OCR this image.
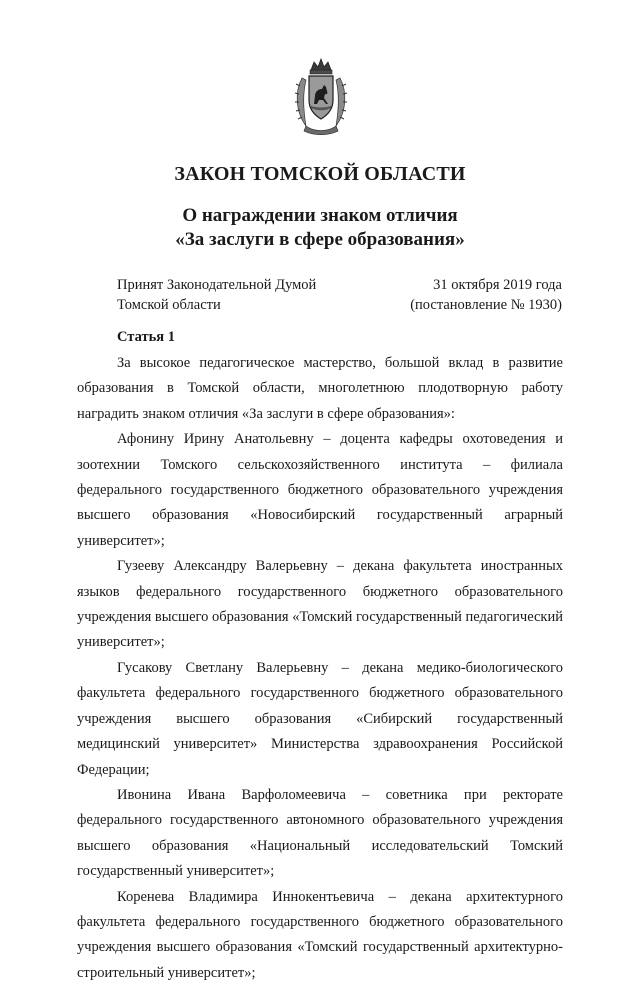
ЗАКОН ТОМСКОЙ ОБЛАСТИ
О награждении знаком отличия
«За заслуги в сфере образования»
Принят Законодательной Думой
Томской области
31 октября 2019 года
(постановление № 1930)
Статья 1

За высокое педагогическое мастерство, большой вклад в развитие образования в Томской области, многолетнюю плодотворную работу наградить знаком отличия «За заслуги в сфере образования»:

Афонину Ирину Анатольевну – доцента кафедры охотоведения и зоотехнии Томского сельскохозяйственного института – филиала федерального государственного бюджетного образовательного учреждения высшего образования «Новосибирский государственный аграрный университет»;

Гузееву Александру Валерьевну – декана факультета иностранных языков федерального государственного бюджетного образовательного учреждения высшего образования «Томский государственный педагогический университет»;

Гусакову Светлану Валерьевну – декана медико-биологического факультета федерального государственного бюджетного образовательного учреждения высшего образования «Сибирский государственный медицинский университет» Министерства здравоохранения Российской Федерации;

Ивонина Ивана Варфоломеевича – советника при ректорате федерального государственного автономного образовательного учреждения высшего образования «Национальный исследовательский Томский государственный университет»;

Коренева Владимира Иннокентьевича – декана архитектурного факультета федерального государственного бюджетного образовательного учреждения высшего образования «Томский государственный архитектурно-строительный университет»;
